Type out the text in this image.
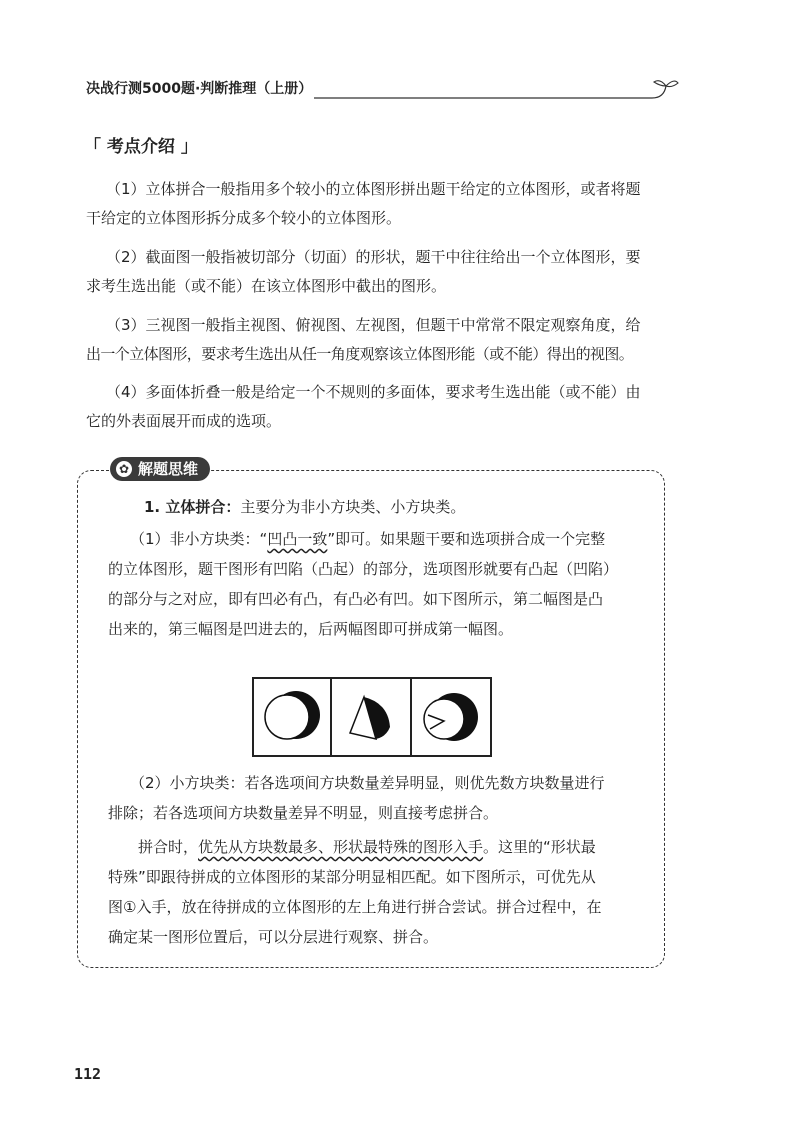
决战行测5000题·判断推理（上册）
「 考点介绍 」

（1）立体拼合一般指用多个较小的立体图形拼出题干给定的立体图形，或者将题
干给定的立体图形拆分成多个较小的立体图形。

（2）截面图一般指被切部分（切面）的形状，题干中往往给出一个立体图形，要
求考生选出能（或不能）在该立体图形中截出的图形。

（3）三视图一般指主视图、俯视图、左视图，但题干中常常不限定观察角度，给
出一个立体图形，要求考生选出从任一角度观察该立体图形能（或不能）得出的视图。

（4）多面体折叠一般是给定一个不规则的多面体，要求考生选出能（或不能）由
它的外表面展开而成的选项。

✿ 解题思维

1. 立体拼合：主要分为非小方块类、小方块类。

（1）非小方块类：“凹凸一致”即可。如果题干要和选项拼合成一个完整
的立体图形，题干图形有凹陷（凸起）的部分，选项图形就要有凸起（凹陷）
的部分与之对应，即有凹必有凸，有凸必有凹。如下图所示，第二幅图是凸
出来的，第三幅图是凹进去的，后两幅图即可拼成第一幅图。

（2）小方块类：若各选项间方块数量差异明显，则优先数方块数量进行
排除；若各选项间方块数量差异不明显，则直接考虑拼合。

拼合时，优先从方块数最多、形状最特殊的图形入手。这里的“形状最
特殊”即跟待拼成的立体图形的某部分明显相匹配。如下图所示，可优先从
图①入手，放在待拼成的立体图形的左上角进行拼合尝试。拼合过程中，在
确定某一图形位置后，可以分层进行观察、拼合。

112
